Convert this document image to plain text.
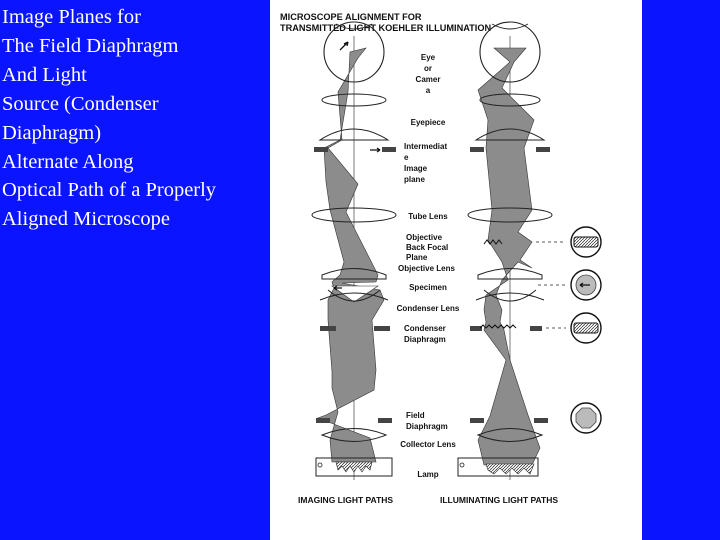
Image Planes for
The Field Diaphragm
And Light
Source (Condenser
Diaphragm)
Alternate Along
Optical Path of a Properly
Aligned Microscope
MICROSCOPE ALIGNMENT FOR
TRANSMITTED LIGHT KOEHLER ILLUMINATION
Eye
or
Camer
a
Eyepiece
Tube Lens
Specimen
Condenser Lens
Collector Lens
Lamp
Intermediat
e
Image
plane
Objective
Back Focal
Plane
Objective Lens
Condenser
Diaphragm
Field
Diaphragm
IMAGING LIGHT PATHS	ILLUMINATING LIGHT PATHS
